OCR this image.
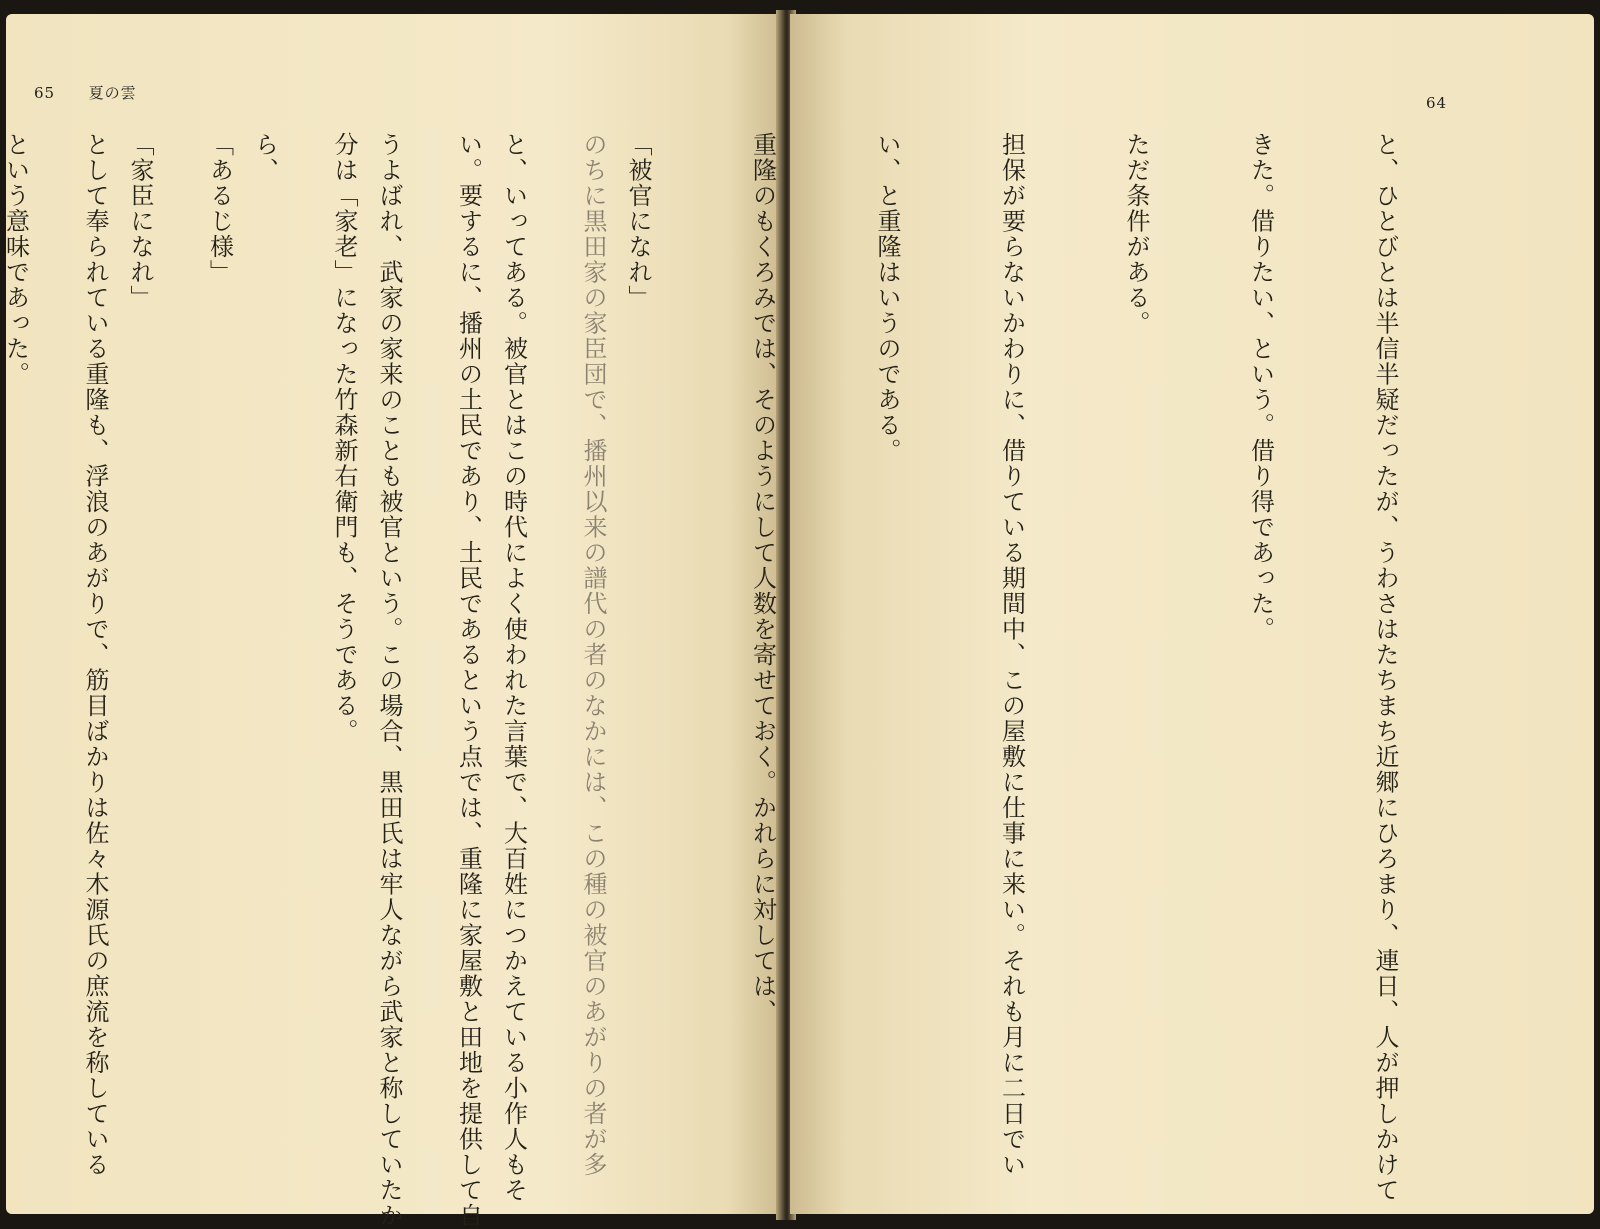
65 夏の雲

のちに黒田家の家臣団で、播州以来の譜代の者のなかには、この種の被官のあがりの者が多

い。要するに、播州の土民であり、土民であるという点では、重隆に家屋敷と田地を提供して自

分は「家老」になった竹森新右衛門も、そうである。

「あるじ様」

として奉られている重隆も、浮浪のあがりで、筋目ばかりは佐々木源氏の庶流を称している

64

と、ひとびとは半信半疑だったが、うわさはたちまち近郷にひろまり、連日、人が押しかけて

きた。借りたい、という。借り得であった。

ただ条件がある。

担保が要らないかわりに、借りている期間中、この屋敷に仕事に来い。それも月に二日でい

い、と重隆はいうのである。

重隆のもくろみでは、そのようにして人数を寄せておく。かれらに対しては、

「被官になれ」

と、いってある。被官とはこの時代によく使われた言葉で、大百姓につかえている小作人もそ

うよばれ、武家の家来のことも被官という。この場合、黒田氏は牢人ながら武家と称していたか

ら、

「家臣になれ」

という意味であった。
